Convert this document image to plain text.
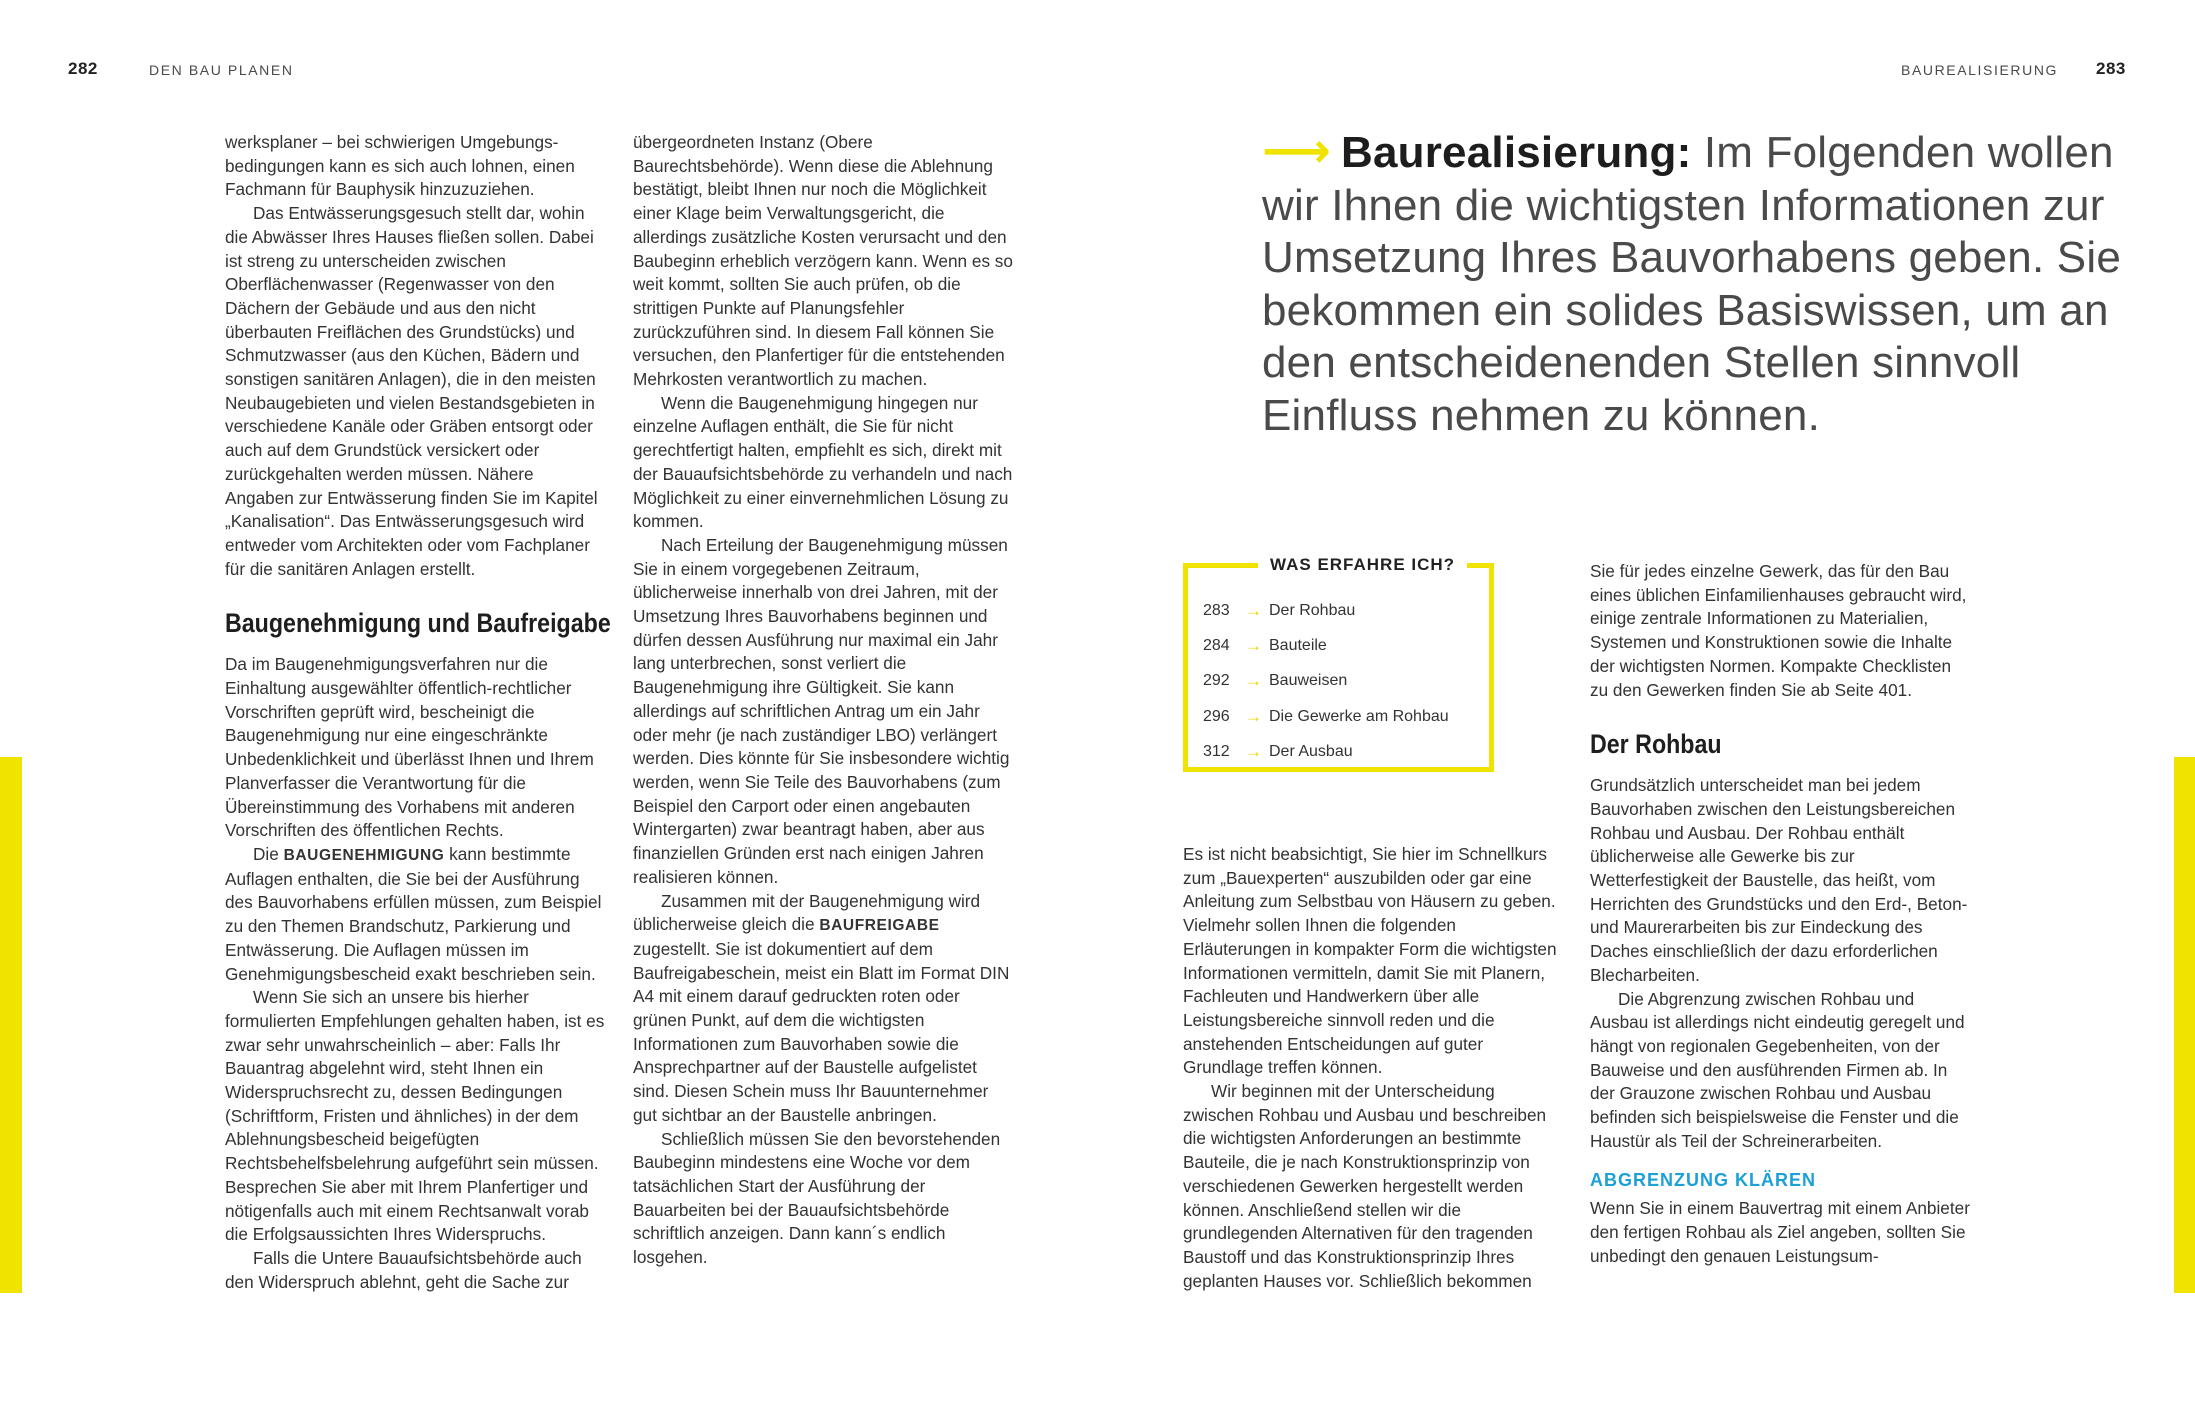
282	DEN BAU PLANEN	BAUREALISIERUNG 283

werksplaner – bei schwierigen Umgebungs-bedingungen kann es sich auch lohnen, einen Fachmann für Bauphysik hinzuzuziehen.

Das Entwässerungsgesuch stellt dar, wohin die Abwässer Ihres Hauses fließen sollen. Dabei ist streng zu unterscheiden zwischen Oberflächenwasser (Regenwasser von den Dächern der Gebäude und aus den nicht überbauten Freiflächen des Grundstücks) und Schmutzwasser (aus den Küchen, Bädern und sonstigen sanitären Anlagen), die in den meisten Neubaugebieten und vielen Bestandsgebieten in verschiedene Kanäle oder Gräben entsorgt oder auch auf dem Grundstück versickert oder zurückgehalten werden müssen. Nähere Angaben zur Entwässerung finden Sie im Kapitel „Kanalisation“. Das Entwässerungsgesuch wird entweder vom Architekten oder vom Fachplaner für die sanitären Anlagen erstellt.

Baugenehmigung und Baufreigabe

Da im Baugenehmigungsverfahren nur die Einhaltung ausgewählter öffentlich-rechtlicher Vorschriften geprüft wird, bescheinigt die Baugenehmigung nur eine eingeschränkte Unbedenklichkeit und überlässt Ihnen und Ihrem Planverfasser die Verantwortung für die Übereinstimmung des Vorhabens mit anderen Vorschriften des öffentlichen Rechts.

Die BAUGENEHMIGUNG kann bestimmte Auflagen enthalten, die Sie bei der Ausführung des Bauvorhabens erfüllen müssen, zum Beispiel zu den Themen Brandschutz, Parkierung und Entwässerung. Die Auflagen müssen im Genehmigungsbescheid exakt beschrieben sein.

Wenn Sie sich an unsere bis hierher formulierten Empfehlungen gehalten haben, ist es zwar sehr unwahrscheinlich – aber: Falls Ihr Bauantrag abgelehnt wird, steht Ihnen ein Widerspruchsrecht zu, dessen Bedingungen (Schriftform, Fristen und ähnliches) in der dem Ablehnungsbescheid beigefügten Rechtsbehelfsbelehrung aufgeführt sein müssen. Besprechen Sie aber mit Ihrem Planfertiger und nötigenfalls auch mit einem Rechtsanwalt vorab die Erfolgsaussichten Ihres Widerspruchs.

Falls die Untere Bauaufsichtsbehörde auch den Widerspruch ablehnt, geht die Sache zur

übergeordneten Instanz (Obere Baurechtsbehörde). Wenn diese die Ablehnung bestätigt, bleibt Ihnen nur noch die Möglichkeit einer Klage beim Verwaltungsgericht, die allerdings zusätzliche Kosten verursacht und den Baubeginn erheblich verzögern kann. Wenn es so weit kommt, sollten Sie auch prüfen, ob die strittigen Punkte auf Planungsfehler zurückzuführen sind. In diesem Fall können Sie versuchen, den Planfertiger für die entstehenden Mehrkosten verantwortlich zu machen.

Wenn die Baugenehmigung hingegen nur einzelne Auflagen enthält, die Sie für nicht gerechtfertigt halten, empfiehlt es sich, direkt mit der Bauaufsichtsbehörde zu verhandeln und nach Möglichkeit zu einer einvernehmlichen Lösung zu kommen.

Nach Erteilung der Baugenehmigung müssen Sie in einem vorgegebenen Zeitraum, üblicherweise innerhalb von drei Jahren, mit der Umsetzung Ihres Bauvorhabens beginnen und dürfen dessen Ausführung nur maximal ein Jahr lang unterbrechen, sonst verliert die Baugenehmigung ihre Gültigkeit. Sie kann allerdings auf schriftlichen Antrag um ein Jahr oder mehr (je nach zuständiger LBO) verlängert werden. Dies könnte für Sie insbesondere wichtig werden, wenn Sie Teile des Bauvorhabens (zum Beispiel den Carport oder einen angebauten Wintergarten) zwar beantragt haben, aber aus finanziellen Gründen erst nach einigen Jahren realisieren können.

Zusammen mit der Baugenehmigung wird üblicherweise gleich die BAUFREIGABE zugestellt. Sie ist dokumentiert auf dem Baufreigabeschein, meist ein Blatt im Format DIN A4 mit einem darauf gedruckten roten oder grünen Punkt, auf dem die wichtigsten Informationen zum Bauvorhaben sowie die Ansprechpartner auf der Baustelle aufgelistet sind. Diesen Schein muss Ihr Bauunternehmer gut sichtbar an der Baustelle anbringen.

Schließlich müssen Sie den bevorstehenden Baubeginn mindestens eine Woche vor dem tatsächlichen Start der Ausführung der Bauarbeiten bei der Bauaufsichtsbehörde schriftlich anzeigen. Dann kann´s endlich losgehen.

⟶ Baurealisierung: Im Folgenden wollen wir Ihnen die wichtigsten Informationen zur Umsetzung Ihres Bauvorhabens geben. Sie bekommen ein solides Basiswissen, um an den entscheidenenden Stellen sinnvoll Einfluss nehmen zu können.
WAS ERFAHRE ICH?
283 → Der Rohbau
284 → Bauteile
292 → Bauweisen
296 → Die Gewerke am Rohbau
312 → Der Ausbau

Es ist nicht beabsichtigt, Sie hier im Schnellkurs zum „Bauexperten“ auszubilden oder gar eine Anleitung zum Selbstbau von Häusern zu geben. Vielmehr sollen Ihnen die folgenden Erläuterungen in kompakter Form die wichtigsten Informationen vermitteln, damit Sie mit Planern, Fachleuten und Handwerkern über alle Leistungsbereiche sinnvoll reden und die anstehenden Entscheidungen auf guter Grundlage treffen können.

Wir beginnen mit der Unterscheidung zwischen Rohbau und Ausbau und beschreiben die wichtigsten Anforderungen an bestimmte Bauteile, die je nach Konstruktionsprinzip von verschiedenen Gewerken hergestellt werden können. Anschließend stellen wir die grundlegenden Alternativen für den tragenden Baustoff und das Konstruktionsprinzip Ihres geplanten Hauses vor. Schließlich bekommen

Sie für jedes einzelne Gewerk, das für den Bau eines üblichen Einfamilienhauses gebraucht wird, einige zentrale Informationen zu Materialien, Systemen und Konstruktionen sowie die Inhalte der wichtigsten Normen. Kompakte Checklisten zu den Gewerken finden Sie ab Seite 401.

Der Rohbau

Grundsätzlich unterscheidet man bei jedem Bauvorhaben zwischen den Leistungsbereichen Rohbau und Ausbau. Der Rohbau enthält üblicherweise alle Gewerke bis zur Wetterfestigkeit der Baustelle, das heißt, vom Herrichten des Grundstücks und den Erd-, Beton- und Maurerarbeiten bis zur Eindeckung des Daches einschließlich der dazu erforderlichen Blecharbeiten.

Die Abgrenzung zwischen Rohbau und Ausbau ist allerdings nicht eindeutig geregelt und hängt von regionalen Gegebenheiten, von der Bauweise und den ausführenden Firmen ab. In der Grauzone zwischen Rohbau und Ausbau befinden sich beispielsweise die Fenster und die Haustür als Teil der Schreinerarbeiten.

ABGRENZUNG KLÄREN

Wenn Sie in einem Bauvertrag mit einem Anbieter den fertigen Rohbau als Ziel angeben, sollten Sie unbedingt den genauen Leistungsum-
